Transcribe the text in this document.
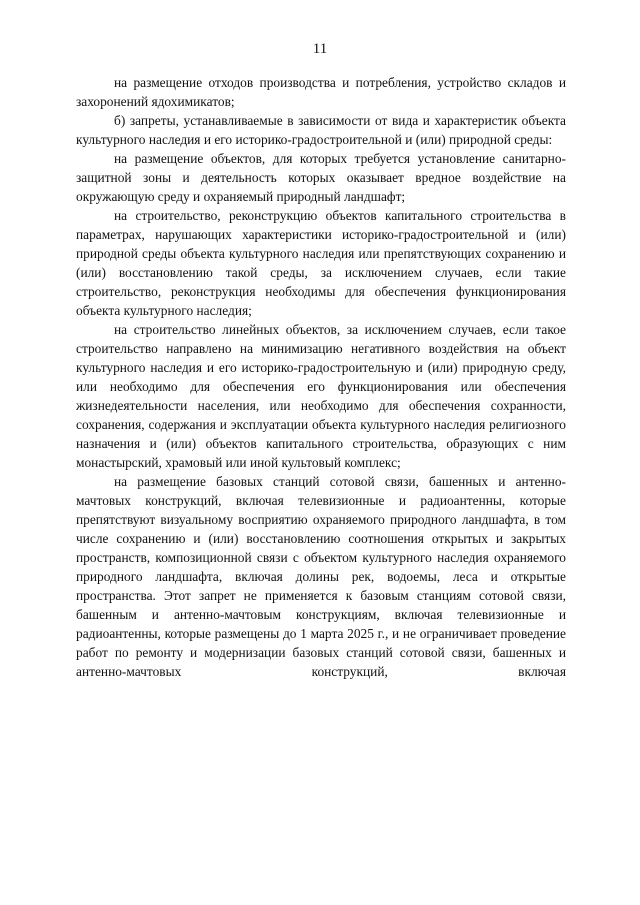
11

на размещение отходов производства и потребления, устройство складов и захоронений ядохимикатов;

б) запреты, устанавливаемые в зависимости от вида и характеристик объекта культурного наследия и его историко-градостроительной и (или) природной среды:

на размещение объектов, для которых требуется установление санитарно-защитной зоны и деятельность которых оказывает вредное воздействие на окружающую среду и охраняемый природный ландшафт;

на строительство, реконструкцию объектов капитального строительства в параметрах, нарушающих характеристики историко-градостроительной и (или) природной среды объекта культурного наследия или препятствующих сохранению и (или) восстановлению такой среды, за исключением случаев, если такие строительство, реконструкция необходимы для обеспечения функционирования объекта культурного наследия;

на строительство линейных объектов, за исключением случаев, если такое строительство направлено на минимизацию негативного воздействия на объект культурного наследия и его историко-градостроительную и (или) природную среду, или необходимо для обеспечения его функционирования или обеспечения жизнедеятельности населения, или необходимо для обеспечения сохранности, сохранения, содержания и эксплуатации объекта культурного наследия религиозного назначения и (или) объектов капитального строительства, образующих с ним монастырский, храмовый или иной культовый комплекс;

на размещение базовых станций сотовой связи, башенных и антенно-мачтовых конструкций, включая телевизионные и радиоантенны, которые препятствуют визуальному восприятию охраняемого природного ландшафта, в том числе сохранению и (или) восстановлению соотношения открытых и закрытых пространств, композиционной связи с объектом культурного наследия охраняемого природного ландшафта, включая долины рек, водоемы, леса и открытые пространства. Этот запрет не применяется к базовым станциям сотовой связи, башенным и антенно-мачтовым конструкциям, включая телевизионные и радиоантенны, которые размещены до 1 марта 2025 г., и не ограничивает проведение работ по ремонту и модернизации базовых станций сотовой связи, башенных и антенно-мачтовых конструкций, включая
